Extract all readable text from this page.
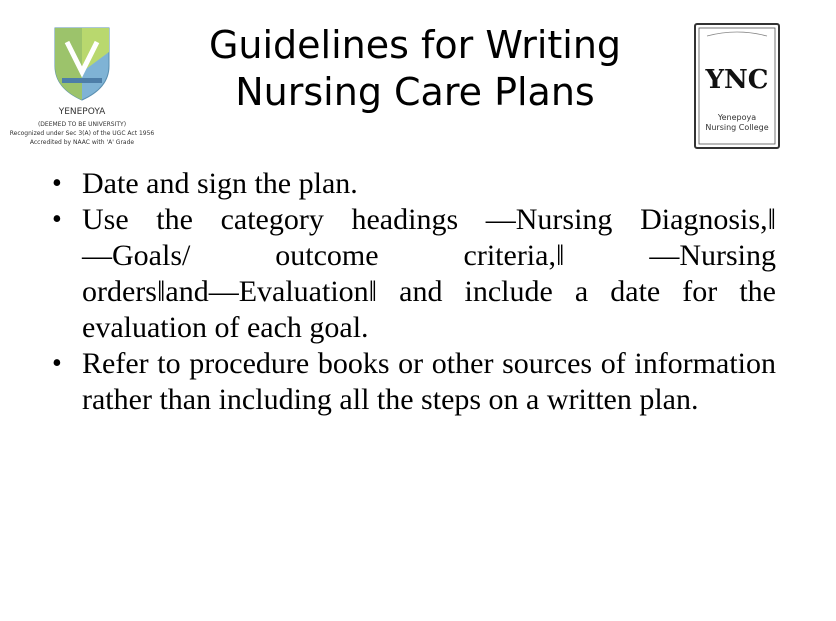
YENEPOYA
(DEEMED TO BE UNIVERSITY)
Recognized under Sec 3(A) of the UGC Act 1956
Accredited by NAAC with 'A' Grade
Guidelines for Writing
Nursing Care Plans	YNC
Yenepoya
Nursing College
• Date and sign the plan.
• Use the category headings ―Nursing Diagnosis,‖ ―Goals/ outcome criteria,‖ ―Nursing orders‖and―Evaluation‖ and include a date for the evaluation of each goal.
• Refer to procedure books or other sources of information rather than including all the steps on a written plan.
